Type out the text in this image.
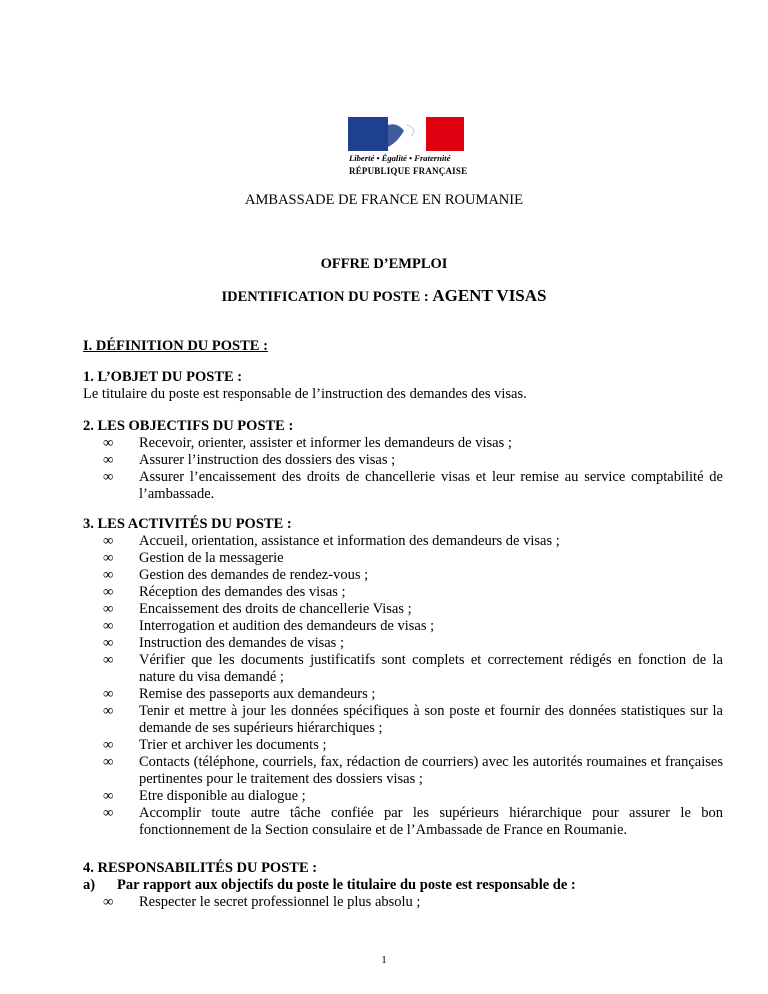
Liberté • Égalité • Fraternité
RÉPUBLIQUE FRANÇAISE
AMBASSADE DE FRANCE EN ROUMANIE
OFFRE D’EMPLOI
IDENTIFICATION DU POSTE : AGENT VISAS
I. DÉFINITION DU POSTE :
1. L’OBJET DU POSTE :
Le titulaire du poste est responsable de l’instruction des demandes des visas.
2. LES OBJECTIFS DU POSTE :
∞	Recevoir, orienter, assister et informer les demandeurs de visas ;
∞	Assurer l’instruction des dossiers des visas ;
∞	Assurer l’encaissement des droits de chancellerie visas et leur remise au service comptabilité de l’ambassade.
3. LES ACTIVITÉS DU POSTE :
∞	Accueil, orientation, assistance et information des demandeurs de visas ;
∞	Gestion de la messagerie
∞	Gestion des demandes de rendez-vous ;
∞	Réception des demandes des visas ;
∞	Encaissement des droits de chancellerie Visas ;
∞	Interrogation et audition des demandeurs de visas ;
∞	Instruction des demandes de visas ;
∞	Vérifier que les documents justificatifs sont complets et correctement rédigés en fonction de la nature du visa demandé ;
∞	Remise des passeports aux demandeurs ;
∞	Tenir et mettre à jour les données spécifiques à son poste et fournir des données statistiques sur la demande de ses supérieurs hiérarchiques ;
∞	Trier et archiver les documents ;
∞	Contacts (téléphone, courriels, fax, rédaction de courriers) avec les autorités roumaines et françaises pertinentes pour le traitement des dossiers visas ;
∞	Etre disponible au dialogue ;
∞	Accomplir toute autre tâche confiée par les supérieurs hiérarchique pour assurer le bon fonctionnement de la Section consulaire et de l’Ambassade de France en Roumanie.
4. RESPONSABILITÉS DU POSTE :
a) Par rapport aux objectifs du poste le titulaire du poste est responsable de :
∞	Respecter le secret professionnel le plus absolu ;
1
